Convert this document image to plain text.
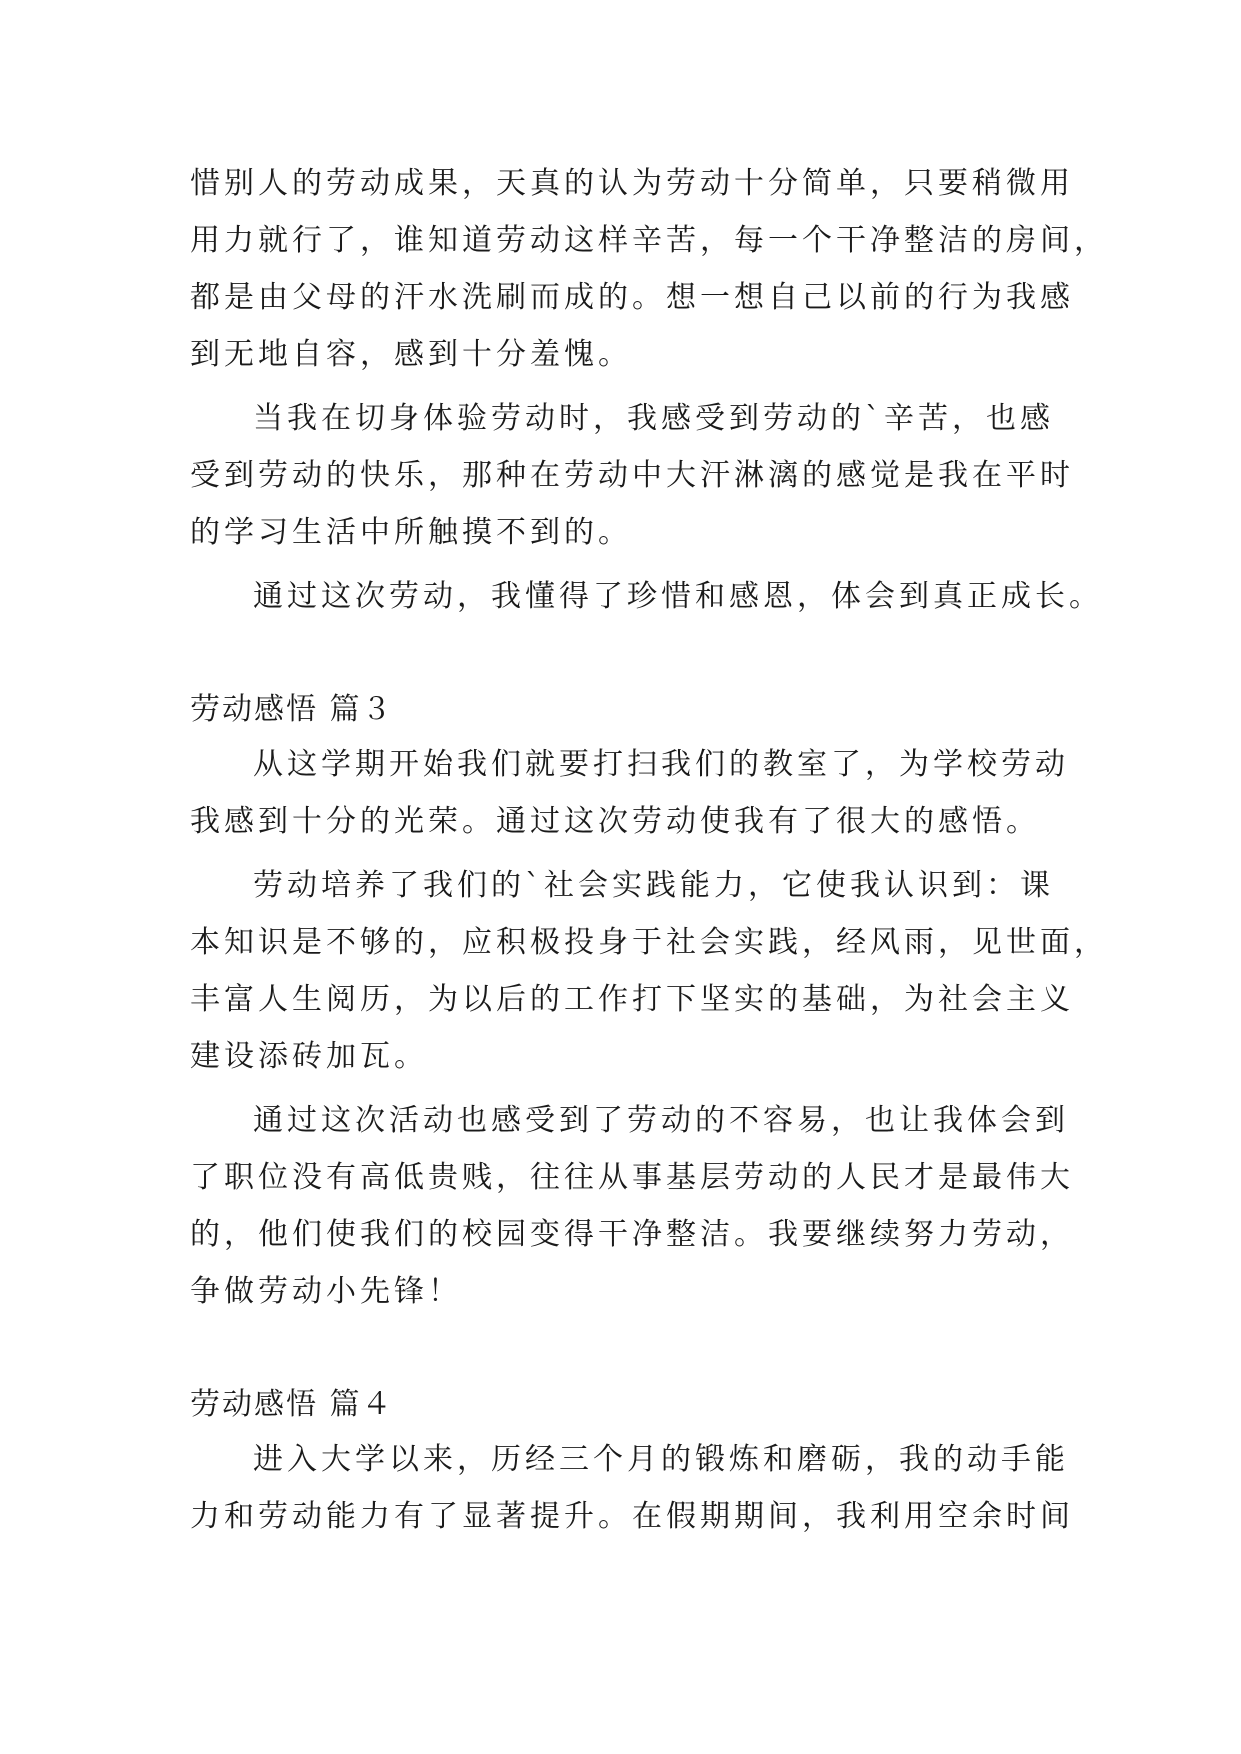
惜别人的劳动成果，天真的认为劳动十分简单，只要稍微用
用力就行了，谁知道劳动这样辛苦，每一个干净整洁的房间，
都是由父母的汗水洗刷而成的。想一想自己以前的行为我感
到无地自容，感到十分羞愧。
当我在切身体验劳动时，我感受到劳动的`辛苦，也感
受到劳动的快乐，那种在劳动中大汗淋漓的感觉是我在平时
的学习生活中所触摸不到的。
通过这次劳动，我懂得了珍惜和感恩，体会到真正成长。
劳动感悟 篇３
从这学期开始我们就要打扫我们的教室了，为学校劳动
我感到十分的光荣。通过这次劳动使我有了很大的感悟。
劳动培养了我们的`社会实践能力，它使我认识到：课
本知识是不够的，应积极投身于社会实践，经风雨，见世面，
丰富人生阅历，为以后的工作打下坚实的基础，为社会主义
建设添砖加瓦。
通过这次活动也感受到了劳动的不容易，也让我体会到
了职位没有高低贵贱，往往从事基层劳动的人民才是最伟大
的，他们使我们的校园变得干净整洁。我要继续努力劳动，
争做劳动小先锋！
劳动感悟 篇４
进入大学以来，历经三个月的锻炼和磨砺，我的动手能
力和劳动能力有了显著提升。在假期期间，我利用空余时间
